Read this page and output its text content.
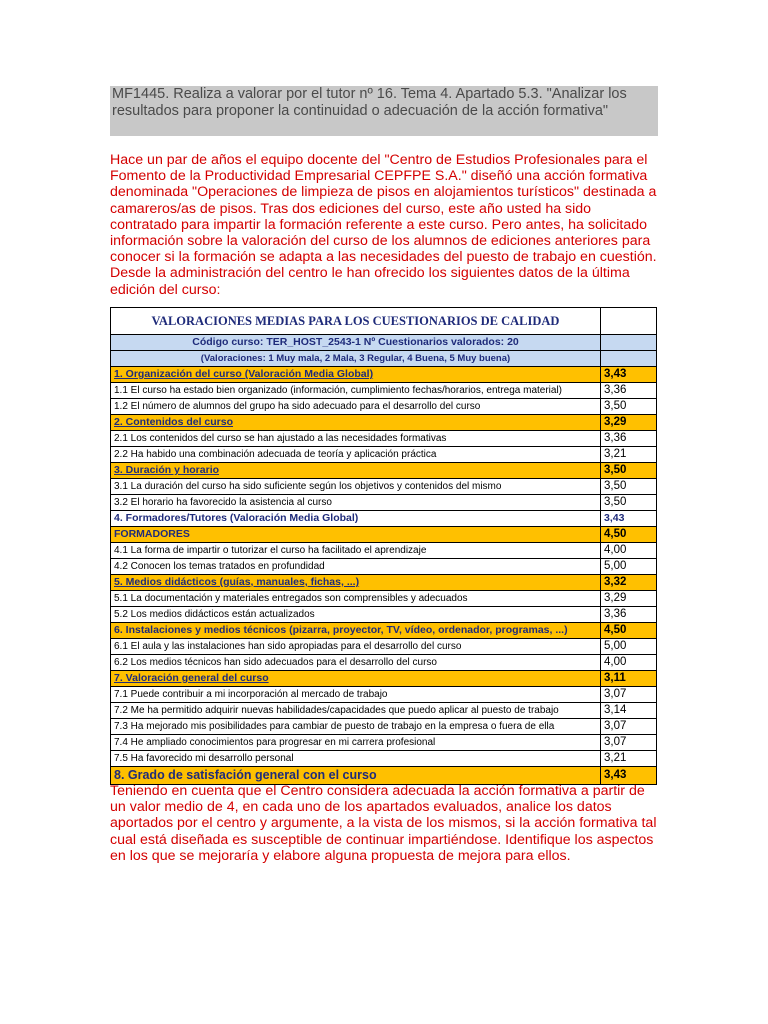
MF1445. Realiza a valorar por el tutor nº 16. Tema 4. Apartado 5.3. "Analizar los resultados para proponer la continuidad o adecuación de la acción formativa"
Hace un par de años el equipo docente del "Centro de Estudios Profesionales para el Fomento de la Productividad Empresarial CEPFPE S.A." diseñó una acción formativa denominada "Operaciones de limpieza de pisos en alojamientos turísticos" destinada a camareros/as de pisos. Tras dos ediciones del curso, este año usted ha sido contratado para impartir la formación referente a este curso. Pero antes, ha solicitado información sobre la valoración del curso de los alumnos de ediciones anteriores para conocer si la formación se adapta a las necesidades del puesto de trabajo en cuestión. Desde la administración del centro le han ofrecido los siguientes datos de la última edición del curso:
VALORACIONES MEDIAS PARA LOS CUESTIONARIOS DE CALIDAD	
Código curso: TER_HOST_2543-1 Nº Cuestionarios valorados: 20	
(Valoraciones: 1 Muy mala, 2 Mala, 3 Regular, 4 Buena, 5 Muy buena)	
1. Organización del curso (Valoración Media Global)	3,43
1.1 El curso ha estado bien organizado (información, cumplimiento fechas/horarios, entrega material)	3,36
1.2 El número de alumnos del grupo ha sido adecuado para el desarrollo del curso	3,50
2. Contenidos del curso	3,29
2.1 Los contenidos del curso se han ajustado a las necesidades formativas	3,36
2.2 Ha habido una combinación adecuada de teoría y aplicación práctica	3,21
3. Duración y horario	3,50
3.1 La duración del curso ha sido suficiente según los objetivos y contenidos del mismo	3,50
3.2 El horario ha favorecido la asistencia al curso	3,50
4. Formadores/Tutores (Valoración Media Global)	3,43
FORMADORES	4,50
4.1 La forma de impartir o tutorizar el curso ha facilitado el aprendizaje	4,00
4.2 Conocen los temas tratados en profundidad	5,00
5. Medios didácticos (guías, manuales, fichas, ...)	3,32
5.1 La documentación y materiales entregados son comprensibles y adecuados	3,29
5.2 Los medios didácticos están actualizados	3,36
6. Instalaciones y medios técnicos (pizarra, proyector, TV, vídeo, ordenador, programas, ...)	4,50
6.1 El aula y las instalaciones han sido apropiadas para el desarrollo del curso	5,00
6.2 Los medios técnicos han sido adecuados para el desarrollo del curso	4,00
7. Valoración general del curso	3,11
7.1 Puede contribuir a mi incorporación al mercado de trabajo	3,07
7.2 Me ha permitido adquirir nuevas habilidades/capacidades que puedo aplicar al puesto de trabajo	3,14
7.3 Ha mejorado mis posibilidades para cambiar de puesto de trabajo en la empresa o fuera de ella	3,07
7.4 He ampliado conocimientos para progresar en mi carrera profesional	3,07
7.5 Ha favorecido mi desarrollo personal	3,21
8. Grado de satisfación general con el curso	3,43
Teniendo en cuenta que el Centro considera adecuada la acción formativa a partir de un valor medio de 4, en cada uno de los apartados evaluados, analice los datos aportados por el centro y argumente, a la vista de los mismos, si la acción formativa tal cual está diseñada es susceptible de continuar impartiéndose. Identifique los aspectos en los que se mejoraría y elabore alguna propuesta de mejora para ellos.
